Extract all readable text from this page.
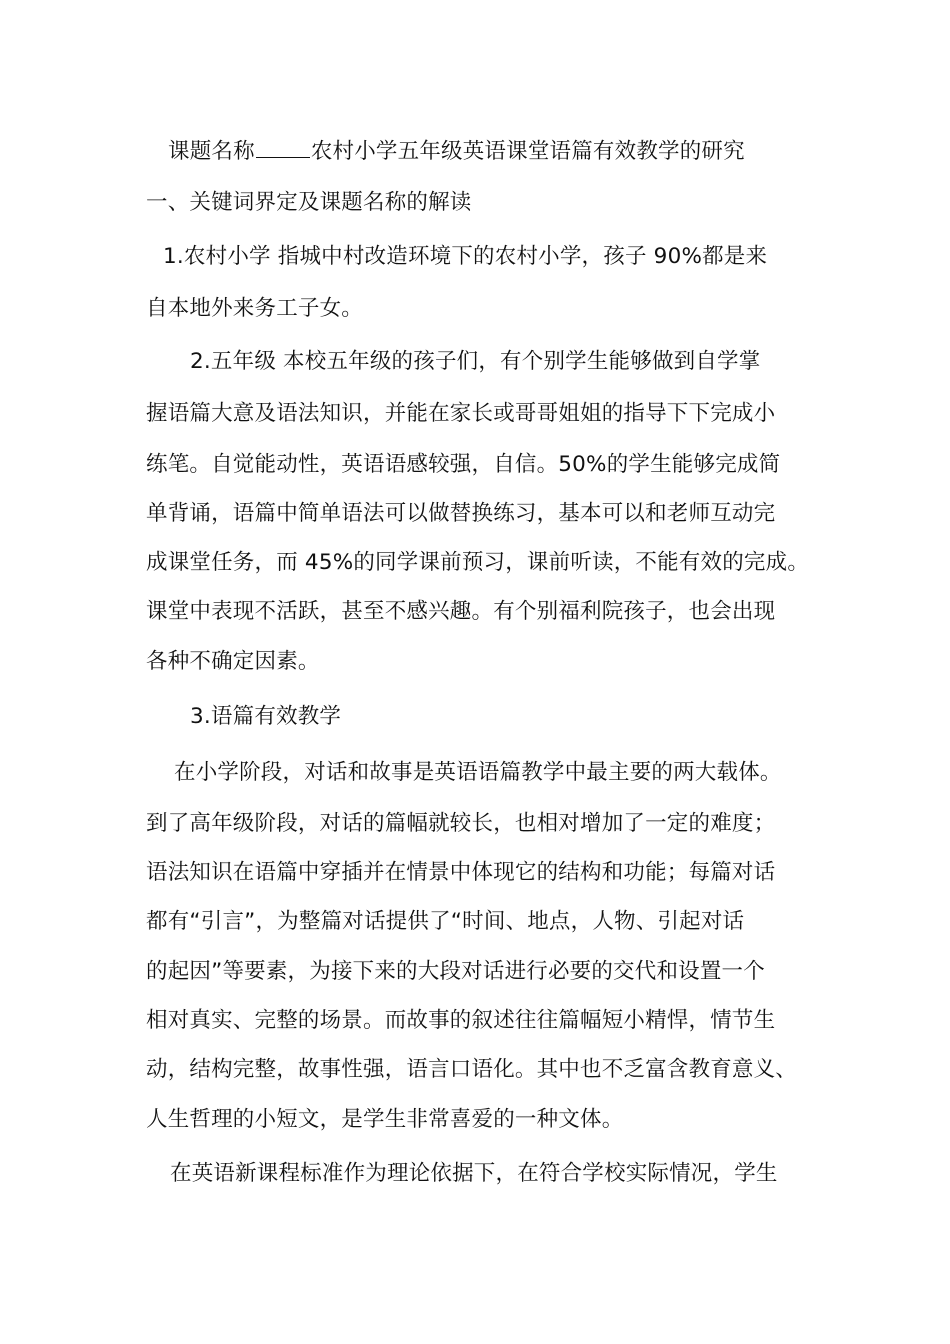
课题名称	农村小学五年级英语课堂语篇有效教学的研究
一、关键词界定及课题名称的解读
1.农村小学 指城中村改造环境下的农村小学，孩子 90%都是来
自本地外来务工子女。
2.五年级 本校五年级的孩子们，有个别学生能够做到自学掌
握语篇大意及语法知识，并能在家长或哥哥姐姐的指导下下完成小
练笔。自觉能动性，英语语感较强，自信。50%的学生能够完成简
单背诵，语篇中简单语法可以做替换练习，基本可以和老师互动完
成课堂任务，而 45%的同学课前预习，课前听读，不能有效的完成。
课堂中表现不活跃，甚至不感兴趣。有个别福利院孩子，也会出现
各种不确定因素。
3.语篇有效教学
在小学阶段，对话和故事是英语语篇教学中最主要的两大载体。
到了高年级阶段，对话的篇幅就较长，也相对增加了一定的难度；
语法知识在语篇中穿插并在情景中体现它的结构和功能；每篇对话
都有“引言”，为整篇对话提供了“时间、地点，人物、引起对话
的起因”等要素，为接下来的大段对话进行必要的交代和设置一个
相对真实、完整的场景。而故事的叙述往往篇幅短小精悍，情节生
动，结构完整，故事性强，语言口语化。其中也不乏富含教育意义、
人生哲理的小短文，是学生非常喜爱的一种文体。
在英语新课程标准作为理论依据下，在符合学校实际情况，学生
